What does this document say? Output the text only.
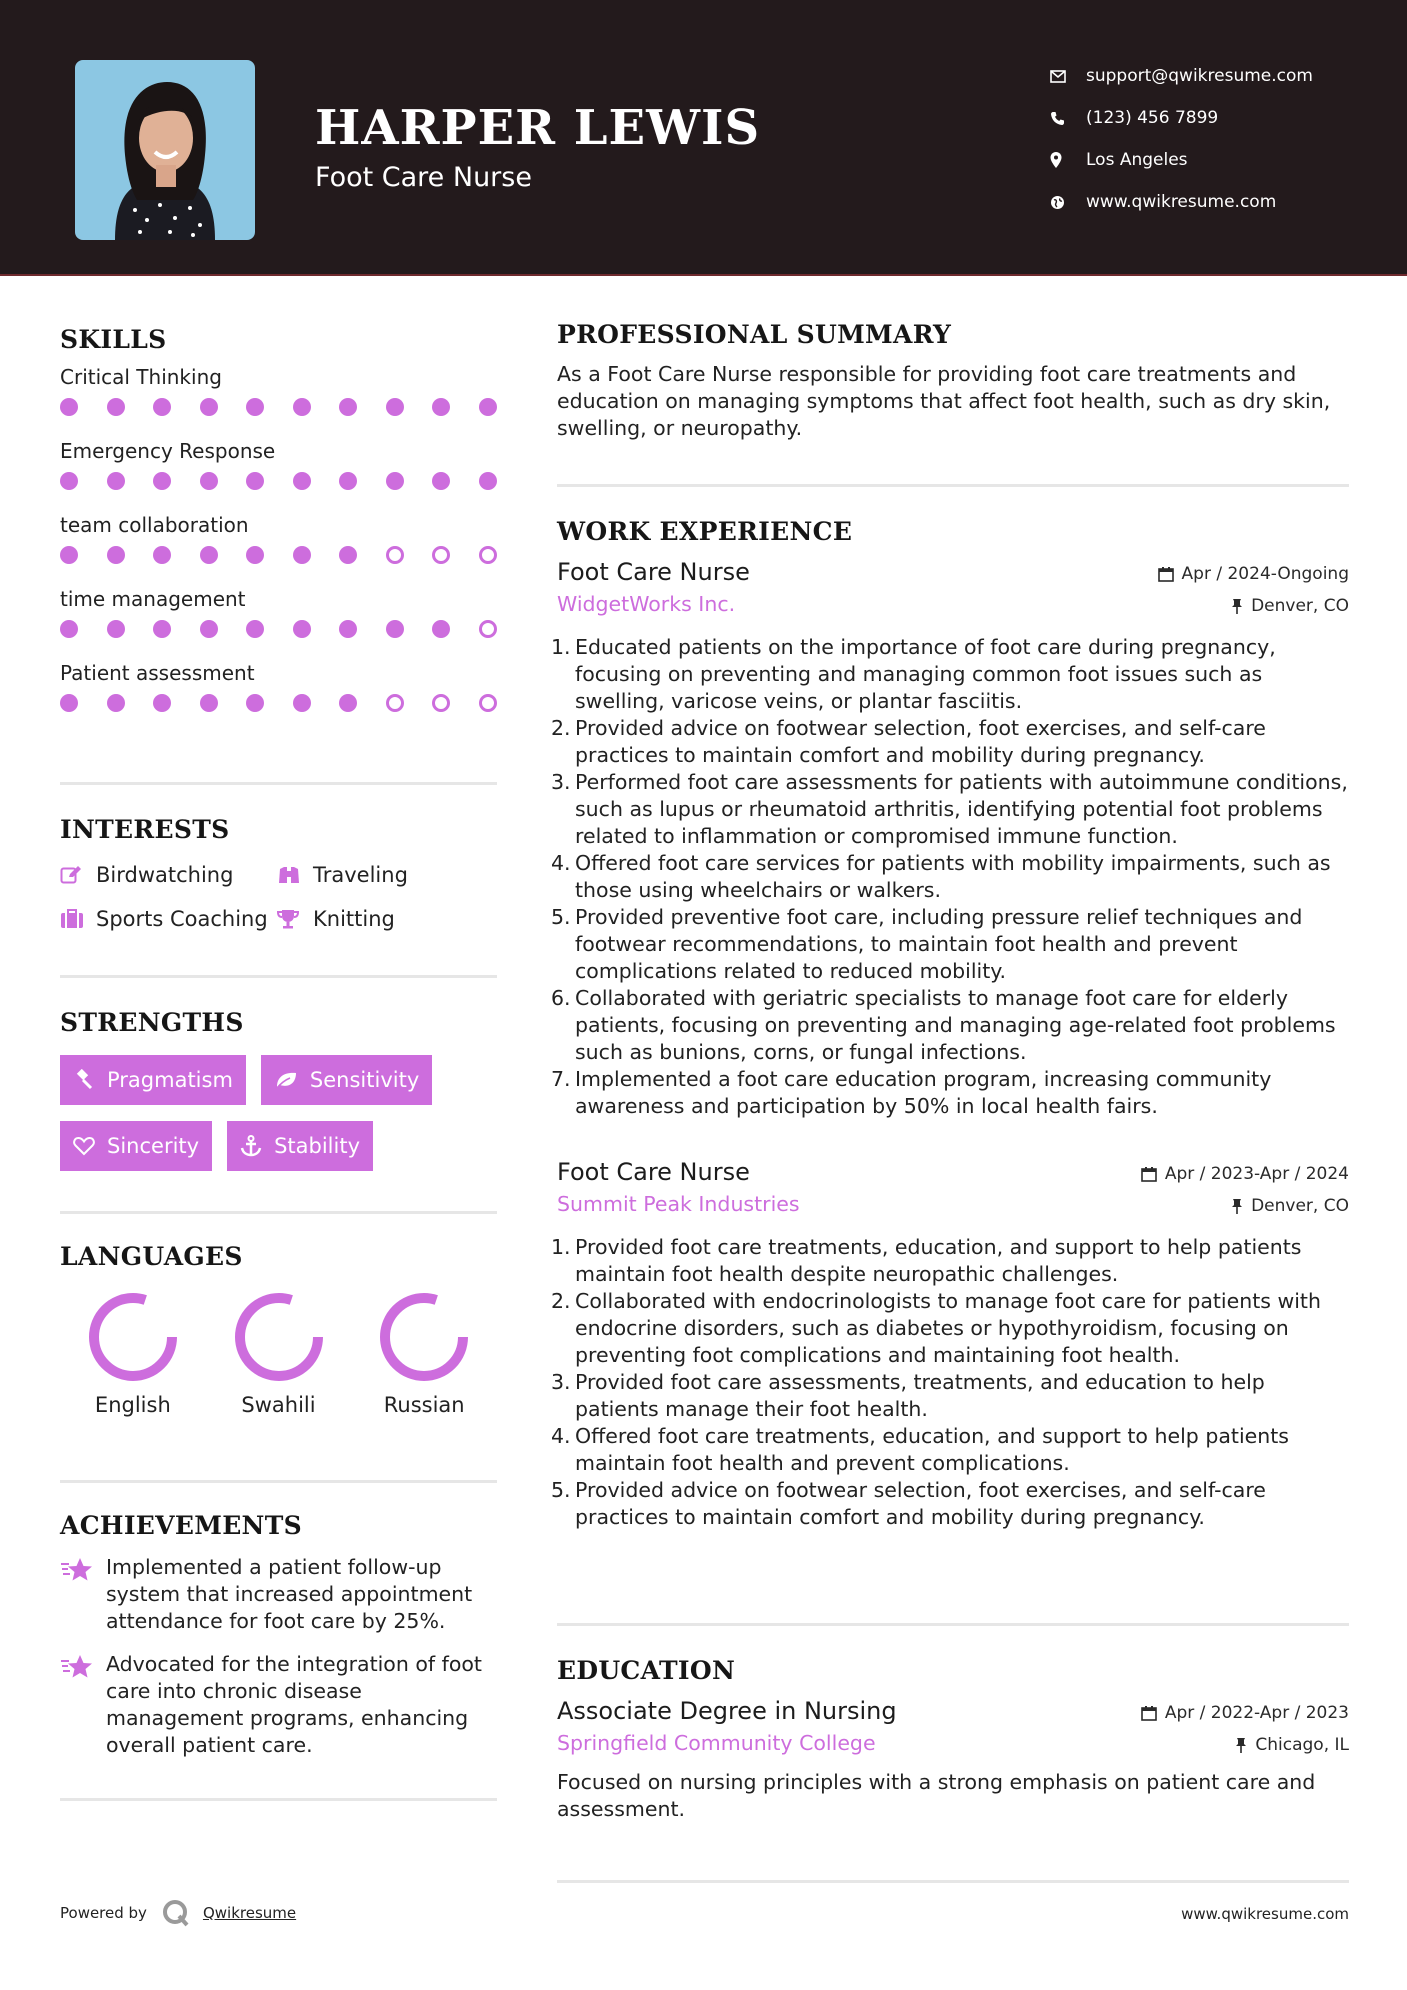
HARPER LEWIS
Foot Care Nurse
support@qwikresume.com
(123) 456 7899
Los Angeles
www.qwikresume.com
SKILLS
Critical Thinking
Emergency Response
team collaboration
time management
Patient assessment
INTERESTS
Birdwatching	Traveling
Sports Coaching Knitting
STRENGTHS
Pragmatism	Sensitivity
Sincerity	Stability
LANGUAGES
English	Swahili	Russian
ACHIEVEMENTS
Implemented a patient follow-up system that increased appointment attendance for foot care by 25%.
Advocated for the integration of foot care into chronic disease management programs, enhancing overall patient care.
PROFESSIONAL SUMMARY
As a Foot Care Nurse responsible for providing foot care treatments and education on managing symptoms that affect foot health, such as dry skin, swelling, or neuropathy.
WORK EXPERIENCE
Foot Care Nurse
WidgetWorks Inc.
Apr / 2024-Ongoing
Denver, CO
1. Educated patients on the importance of foot care during pregnancy, focusing on preventing and managing common foot issues such as swelling, varicose veins, or plantar fasciitis.
2. Provided advice on footwear selection, foot exercises, and self-care practices to maintain comfort and mobility during pregnancy.
3. Performed foot care assessments for patients with autoimmune conditions, such as lupus or rheumatoid arthritis, identifying potential foot problems related to inflammation or compromised immune function.
4. Offered foot care services for patients with mobility impairments, such as those using wheelchairs or walkers.
5. Provided preventive foot care, including pressure relief techniques and footwear recommendations, to maintain foot health and prevent complications related to reduced mobility.
6. Collaborated with geriatric specialists to manage foot care for elderly patients, focusing on preventing and managing age-related foot problems such as bunions, corns, or fungal infections.
7. Implemented a foot care education program, increasing community awareness and participation by 50% in local health fairs.
Foot Care Nurse
Summit Peak Industries
Apr / 2023-Apr / 2024
Denver, CO
1. Provided foot care treatments, education, and support to help patients maintain foot health despite neuropathic challenges.
2. Collaborated with endocrinologists to manage foot care for patients with endocrine disorders, such as diabetes or hypothyroidism, focusing on preventing foot complications and maintaining foot health.
3. Provided foot care assessments, treatments, and education to help patients manage their foot health.
4. Offered foot care treatments, education, and support to help patients maintain foot health and prevent complications.
5. Provided advice on footwear selection, foot exercises, and self-care practices to maintain comfort and mobility during pregnancy.
EDUCATION
Associate Degree in Nursing
Springfield Community College
Apr / 2022-Apr / 2023
Chicago, IL
Focused on nursing principles with a strong emphasis on patient care and assessment.
Powered by	Qwikresume	www.qwikresume.com
